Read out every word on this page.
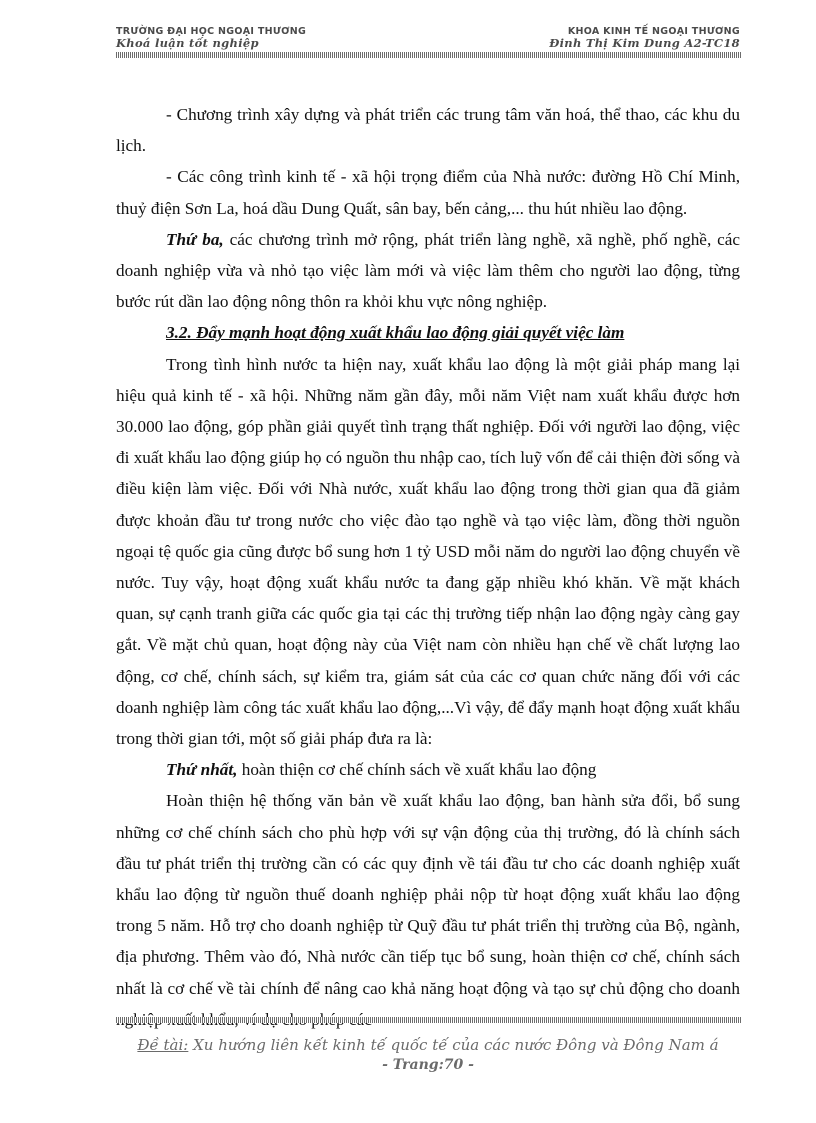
TRƯỜNG ĐẠI HỌC NGOẠI THƯƠNG
Khoá luận tốt nghiệp
KHOA KINH TẾ NGOẠI THƯƠNG
Đinh Thị Kim Dung A2-TC18

- Chương trình xây dựng và phát triển các trung tâm văn hoá, thể thao, các khu du lịch.

- Các công trình kinh tế - xã hội trọng điểm của Nhà nước: đường Hồ Chí Minh, thuỷ điện Sơn La, hoá dầu Dung Quất, sân bay, bến cảng,... thu hút nhiều lao động.

Thứ ba, các chương trình mở rộng, phát triển làng nghề, xã nghề, phố nghề, các doanh nghiệp vừa và nhỏ tạo việc làm mới và việc làm thêm cho người lao động, từng bước rút dần lao động nông thôn ra khỏi khu vực nông nghiệp.

3.2. Đẩy mạnh hoạt động xuất khẩu lao động giải quyết việc làm

Trong tình hình nước ta hiện nay, xuất khẩu lao động là một giải pháp mang lại hiệu quả kinh tế - xã hội. Những năm gần đây, mỗi năm Việt nam xuất khẩu được hơn 30.000 lao động, góp phần giải quyết tình trạng thất nghiệp. Đối với người lao động, việc đi xuất khẩu lao động giúp họ có nguồn thu nhập cao, tích luỹ vốn để cải thiện đời sống và điều kiện làm việc. Đối với Nhà nước, xuất khẩu lao động trong thời gian qua đã giảm được khoản đầu tư trong nước cho việc đào tạo nghề và tạo việc làm, đồng thời nguồn ngoại tệ quốc gia cũng được bổ sung hơn 1 tỷ USD mỗi năm do người lao động chuyển về nước. Tuy vậy, hoạt động xuất khẩu nước ta đang gặp nhiều khó khăn. Về mặt khách quan, sự cạnh tranh giữa các quốc gia tại các thị trường tiếp nhận lao động ngày càng gay gắt. Về mặt chủ quan, hoạt động này của Việt nam còn nhiều hạn chế về chất lượng lao động, cơ chế, chính sách, sự kiểm tra, giám sát của các cơ quan chức năng đối với các doanh nghiệp làm công tác xuất khẩu lao động,...Vì vậy, để đẩy mạnh hoạt động xuất khẩu trong thời gian tới, một số giải pháp đưa ra là:

Thứ nhất, hoàn thiện cơ chế chính sách về xuất khẩu lao động

Hoàn thiện hệ thống văn bản về xuất khẩu lao động, ban hành sửa đổi, bổ sung những cơ chế chính sách cho phù hợp với sự vận động của thị trường, đó là chính sách đầu tư phát triển thị trường cần có các quy định về tái đầu tư cho các doanh nghiệp xuất khẩu lao động từ nguồn thuế doanh nghiệp phải nộp từ hoạt động xuất khẩu lao động trong 5 năm. Hỗ trợ cho doanh nghiệp từ Quỹ đầu tư phát triển thị trường của Bộ, ngành, địa phương. Thêm vào đó, Nhà nước cần tiếp tục bổ sung, hoàn thiện cơ chế, chính sách nhất là cơ chế về tài chính để nâng cao khả năng hoạt động và tạo sự chủ động cho doanh

Đề tài: Xu hướng liên kết kinh tế quốc tế của các nước Đông và Đông Nam á
- Trang:70 -
